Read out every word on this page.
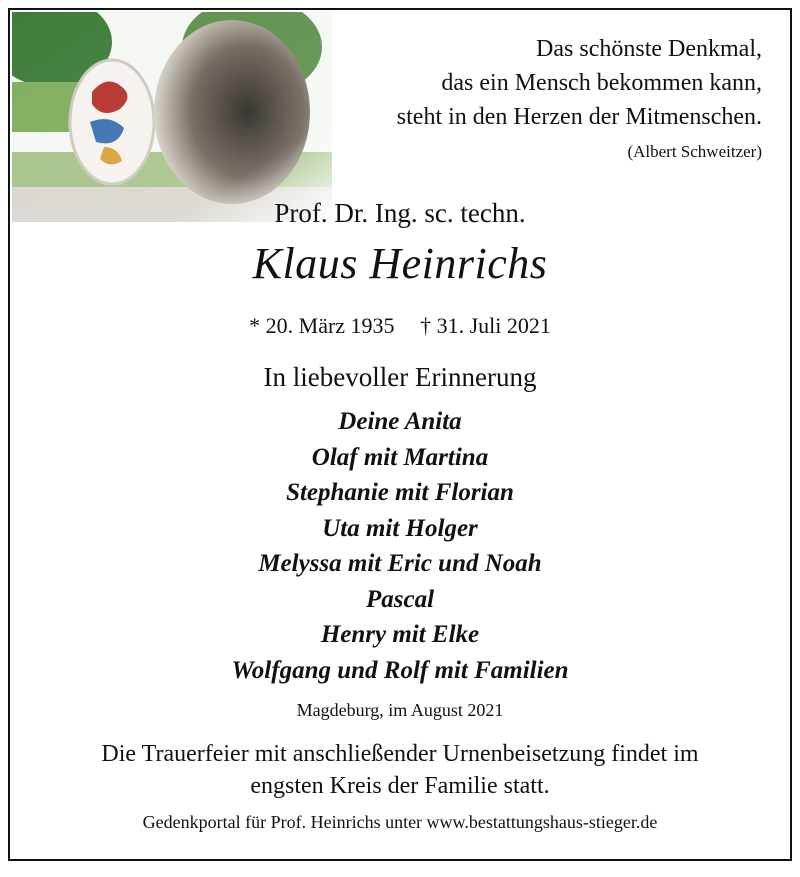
Das schönste Denkmal,
das ein Mensch bekommen kann,
steht in den Herzen der Mitmenschen.
(Albert Schweitzer)
Prof. Dr. Ing. sc. techn.
Klaus Heinrichs
* 20. März 1935 † 31. Juli 2021
In liebevoller Erinnerung
Deine Anita
Olaf mit Martina
Stephanie mit Florian
Uta mit Holger
Melyssa mit Eric und Noah
Pascal
Henry mit Elke
Wolfgang und Rolf mit Familien
Magdeburg, im August 2021
Die Trauerfeier mit anschließender Urnenbeisetzung findet im
engsten Kreis der Familie statt.
Gedenkportal für Prof. Heinrichs unter www.bestattungshaus-stieger.de
